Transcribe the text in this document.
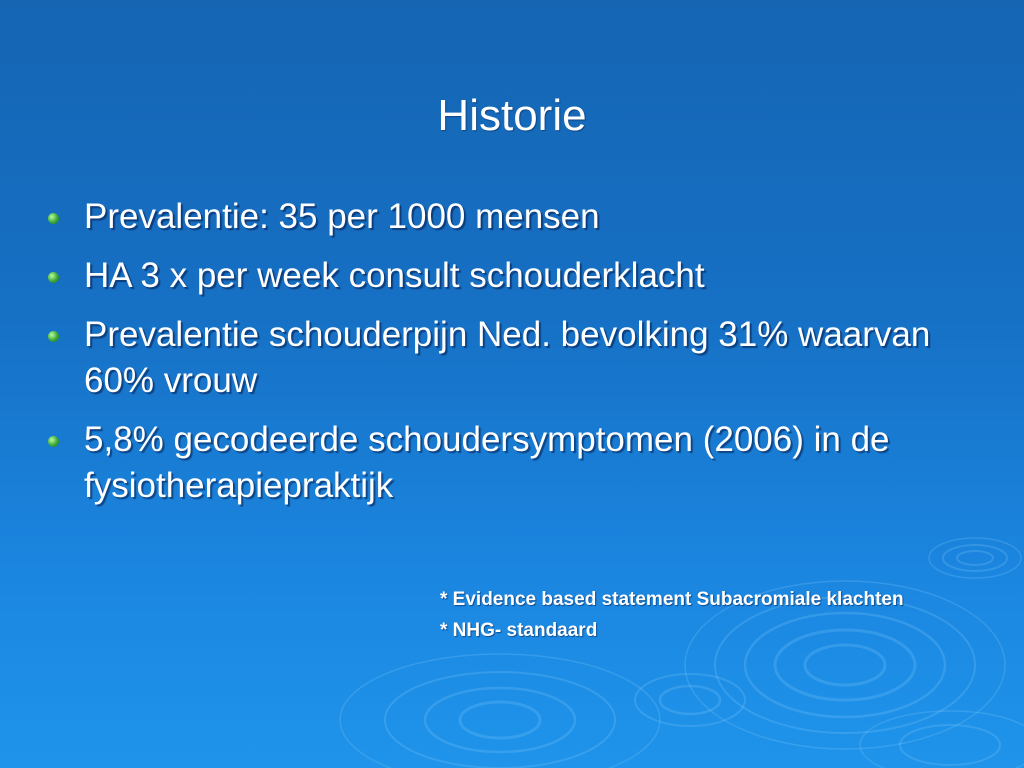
Historie
Prevalentie: 35 per 1000 mensen
HA 3 x per week consult schouderklacht
Prevalentie schouderpijn Ned. bevolking 31% waarvan 60% vrouw
5,8% gecodeerde schoudersymptomen (2006) in de fysiotherapiepraktijk
* Evidence based statement Subacromiale klachten
* NHG- standaard
